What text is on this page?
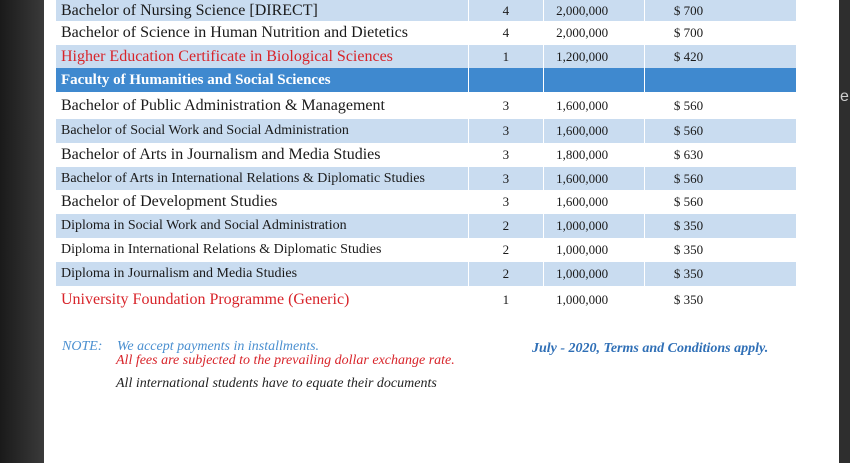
e
Bachelor of Nursing Science [DIRECT]	4	2,000,000	$ 700
Bachelor of Science in Human Nutrition and Dietetics	4	2,000,000	$ 700
Higher Education Certificate in Biological Sciences	1	1,200,000	$ 420
Faculty of Humanities and Social Sciences			
Bachelor of Public Administration & Management	3	1,600,000	$ 560
Bachelor of Social Work and Social Administration	3	1,600,000	$ 560
Bachelor of Arts in Journalism and Media Studies	3	1,800,000	$ 630
Bachelor of Arts in International Relations & Diplomatic Studies	3	1,600,000	$ 560
Bachelor of Development Studies	3	1,600,000	$ 560
Diploma in Social Work and Social Administration	2	1,000,000	$ 350
Diploma in International Relations & Diplomatic Studies	2	1,000,000	$ 350
Diploma in Journalism and Media Studies	2	1,000,000	$ 350
University Foundation Programme (Generic)	1	1,000,000	$ 350
NOTE: We accept payments in installments.
All fees are subjected to the prevailing dollar exchange rate.
All international students have to equate their documents
July - 2020, Terms and Conditions apply.
